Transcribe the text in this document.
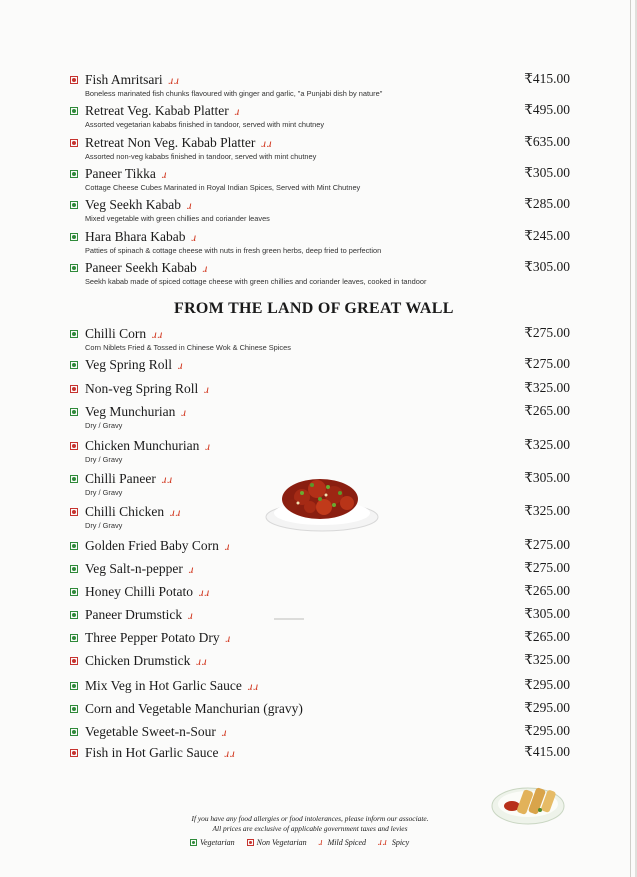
Fish Amritsari ɹɹ
Boneless marinated fish chunks flavoured with ginger and garlic, "a Punjabi dish by nature"
₹415.00
Retreat Veg. Kabab Platter ɹ
Assorted vegetarian kababs finished in tandoor, served with mint chutney
₹495.00
Retreat Non Veg. Kabab Platter ɹɹ
Assorted non-veg kababs finished in tandoor, served with mint chutney
₹635.00
Paneer Tikka ɹ
Cottage Cheese Cubes Marinated in Royal Indian Spices, Served with Mint Chutney
₹305.00
Veg Seekh Kabab ɹ
Mixed vegetable with green chillies and coriander leaves
₹285.00
Hara Bhara Kabab ɹ
Patties of spinach & cottage cheese with nuts in fresh green herbs, deep fried to perfection
₹245.00
Paneer Seekh Kabab ɹ
Seekh kabab made of spiced cottage cheese with green chillies and coriander leaves, cooked in tandoor
₹305.00
FROM THE LAND OF GREAT WALL
Chilli Corn ɹɹ
Corn Niblets Fried & Tossed in Chinese Wok & Chinese Spices
₹275.00
Veg Spring Roll ɹ	₹275.00
Non-veg Spring Roll ɹ	₹325.00
Veg Munchurian ɹ
Dry / Gravy
₹265.00
Chicken Munchurian ɹ
Dry / Gravy
₹325.00
Chilli Paneer ɹɹ
Dry / Gravy
₹305.00
Chilli Chicken ɹɹ
Dry / Gravy
₹325.00
Golden Fried Baby Corn ɹ	₹275.00
Veg Salt-n-pepper ɹ	₹275.00
Honey Chilli Potato ɹɹ	₹265.00
Paneer Drumstick ɹ	₹305.00
Three Pepper Potato Dry ɹ	₹265.00
Chicken Drumstick ɹɹ	₹325.00
Mix Veg in Hot Garlic Sauce ɹɹ	₹295.00
Corn and Vegetable Manchurian (gravy)	₹295.00
Vegetable Sweet-n-Sour ɹ	₹295.00
Fish in Hot Garlic Sauce ɹɹ	₹415.00
If you have any food allergies or food intolerances, please inform our associate.
All prices are exclusive of applicable government taxes and levies
Vegetarian	Non Vegetarian ɹ Mild Spiced ɹɹ Spicy
